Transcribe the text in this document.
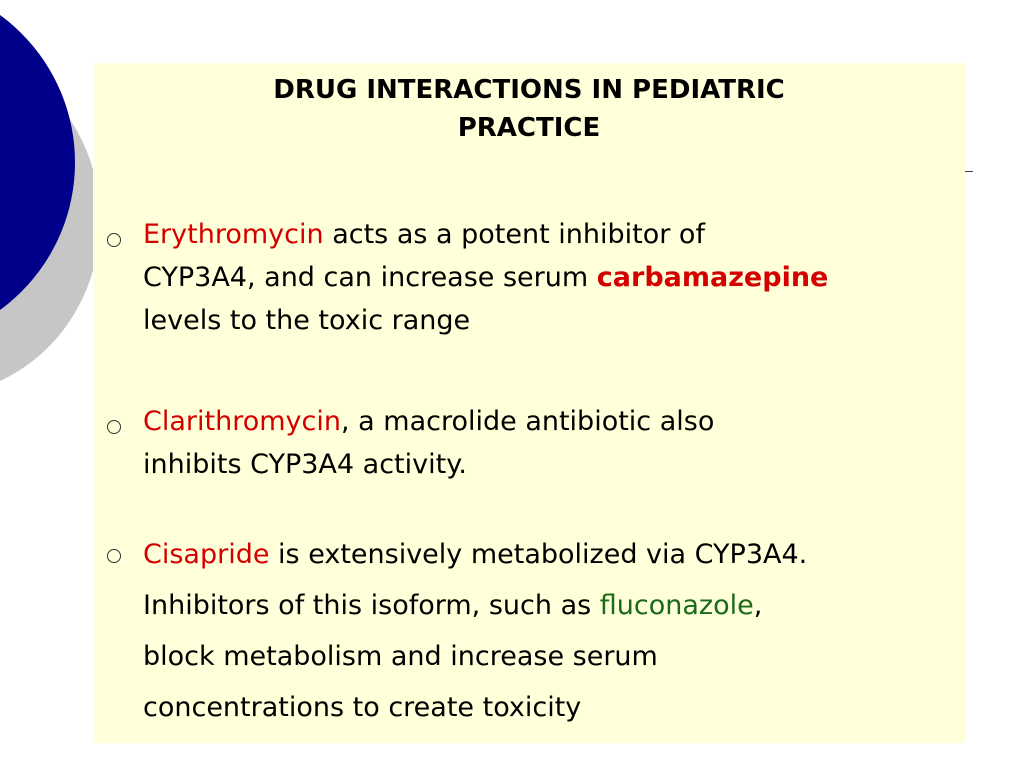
DRUG INTERACTIONS IN PEDIATRIC
PRACTICE
Erythromycin acts as a potent inhibitor of
CYP3A4, and can increase serum carbamazepine
levels to the toxic range
Clarithromycin, a macrolide antibiotic also
inhibits CYP3A4 activity.
Cisapride is extensively metabolized via CYP3A4.
Inhibitors of this isoform, such as fluconazole,
block metabolism and increase serum
concentrations to create toxicity
